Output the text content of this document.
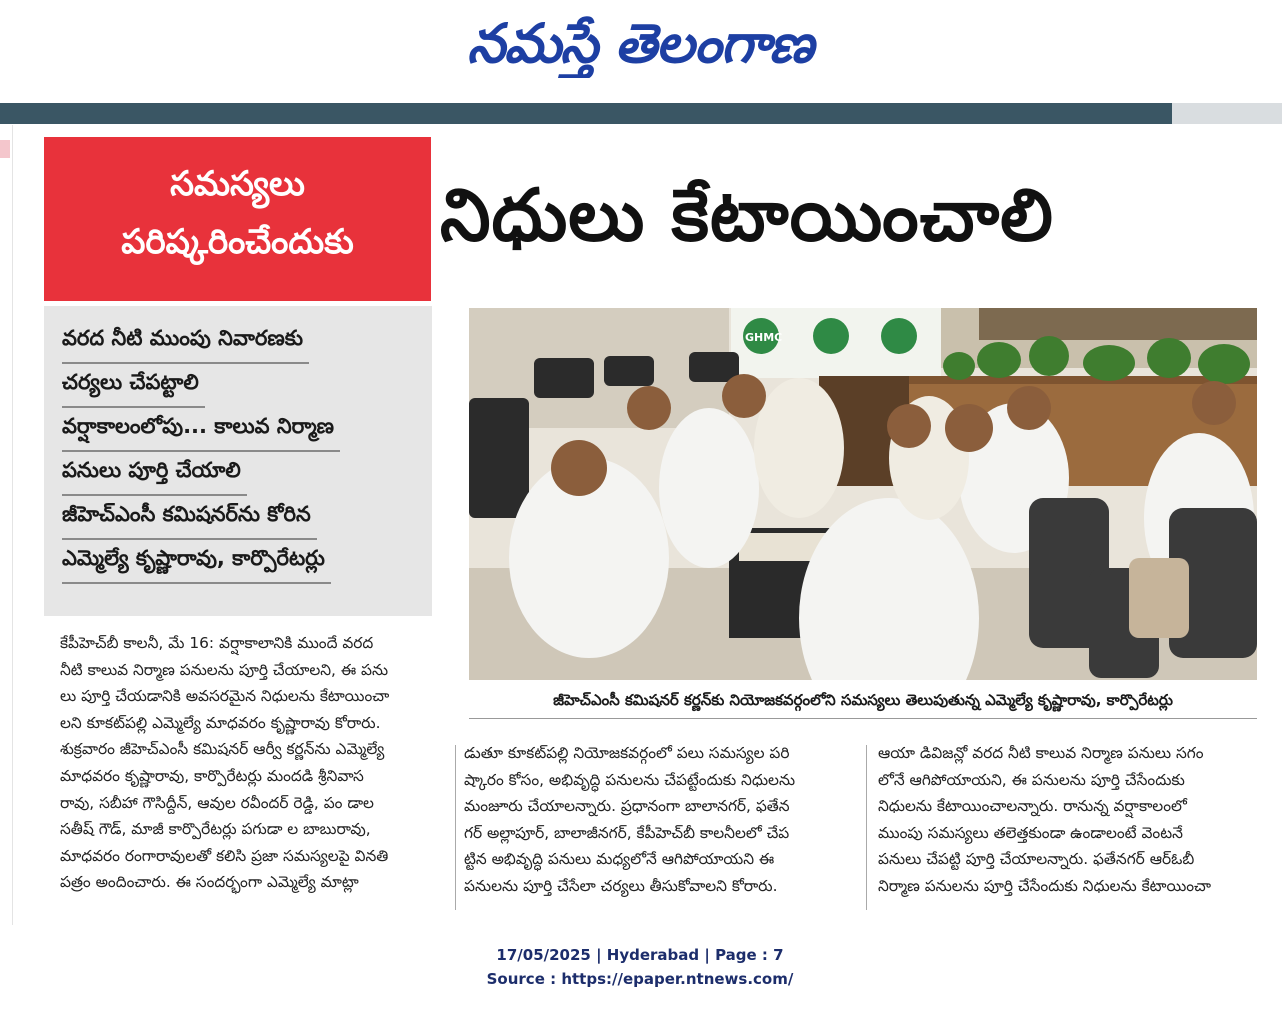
నమస్తే తెలంగాణ
సమస్యలు
పరిష్కరించేందుకు	నిధులు కేటాయించాలి
వరద నీటి ముంపు నివారణకు
చర్యలు చేపట్టాలి
వర్షాకాలంలోపు... కాలువ నిర్మాణ
పనులు పూర్తి చేయాలి
జీహెచ్‌ఎంసీ కమిషనర్‌ను కోరిన
ఎమ్మెల్యే కృష్ణారావు, కార్పొరేటర్లు
GHMC
జీహెచ్‌ఎంసీ కమిషనర్ కర్ణన్‌కు నియోజకవర్గంలోని సమస్యలు తెలుపుతున్న ఎమ్మెల్యే కృష్ణారావు, కార్పొరేటర్లు

కేపీహెచ్‌బీ కాలనీ, మే 16: వర్షాకాలానికి ముందే వరద

నీటి కాలువ నిర్మాణ పనులను పూర్తి చేయాలని, ఈ పను

లు పూర్తి చేయడానికి అవసరమైన నిధులను కేటాయించా

లని కూకట్‌పల్లి ఎమ్మెల్యే మాధవరం కృష్ణారావు కోరారు.

శుక్రవారం జీహెచ్‌ఎంసీ కమిషనర్ ఆర్వీ కర్ణన్‌ను ఎమ్మెల్యే

మాధవరం కృష్ణారావు, కార్పొరేటర్లు మందడి శ్రీనివాస

రావు, సబీహా గౌసిద్దీన్, ఆవుల రవీందర్ రెడ్డి, పం డాల

సతీష్ గౌడ్, మాజీ కార్పొరేటర్లు పగుడా ల బాబురావు,

మాధవరం రంగారావులతో కలిసి ప్రజా సమస్యలపై వినతి

పత్రం అందించారు. ఈ సందర్భంగా ఎమ్మెల్యే మాట్లా

డుతూ కూకట్‌పల్లి నియోజకవర్గంలో పలు సమస్యల పరి

ష్కారం కోసం, అభివృద్ధి పనులను చేపట్టేందుకు నిధులను

మంజూరు చేయాలన్నారు. ప్రధానంగా బాలానగర్, ఫతేన

గర్ అల్లాపూర్, బాలాజీనగర్, కేపీహెచ్‌బీ కాలనీలలో చేప

ట్టిన అభివృద్ధి పనులు మధ్యలోనే ఆగిపోయాయని ఈ

పనులను పూర్తి చేసేలా చర్యలు తీసుకోవాలని కోరారు.

ఆయా డివిజన్లో వరద నీటి కాలువ నిర్మాణ పనులు సగం

లోనే ఆగిపోయాయని, ఈ పనులను పూర్తి చేసేందుకు

నిధులను కేటాయించాలన్నారు. రానున్న వర్షాకాలంలో

ముంపు సమస్యలు తలెత్తకుండా ఉండాలంటే వెంటనే

పనులు చేపట్టి పూర్తి చేయాలన్నారు. ఫతేనగర్ ఆర్‌ఓబీ

నిర్మాణ పనులను పూర్తి చేసేందుకు నిధులను కేటాయించా

17/05/2025 | Hyderabad | Page : 7
Source : https://epaper.ntnews.com/
